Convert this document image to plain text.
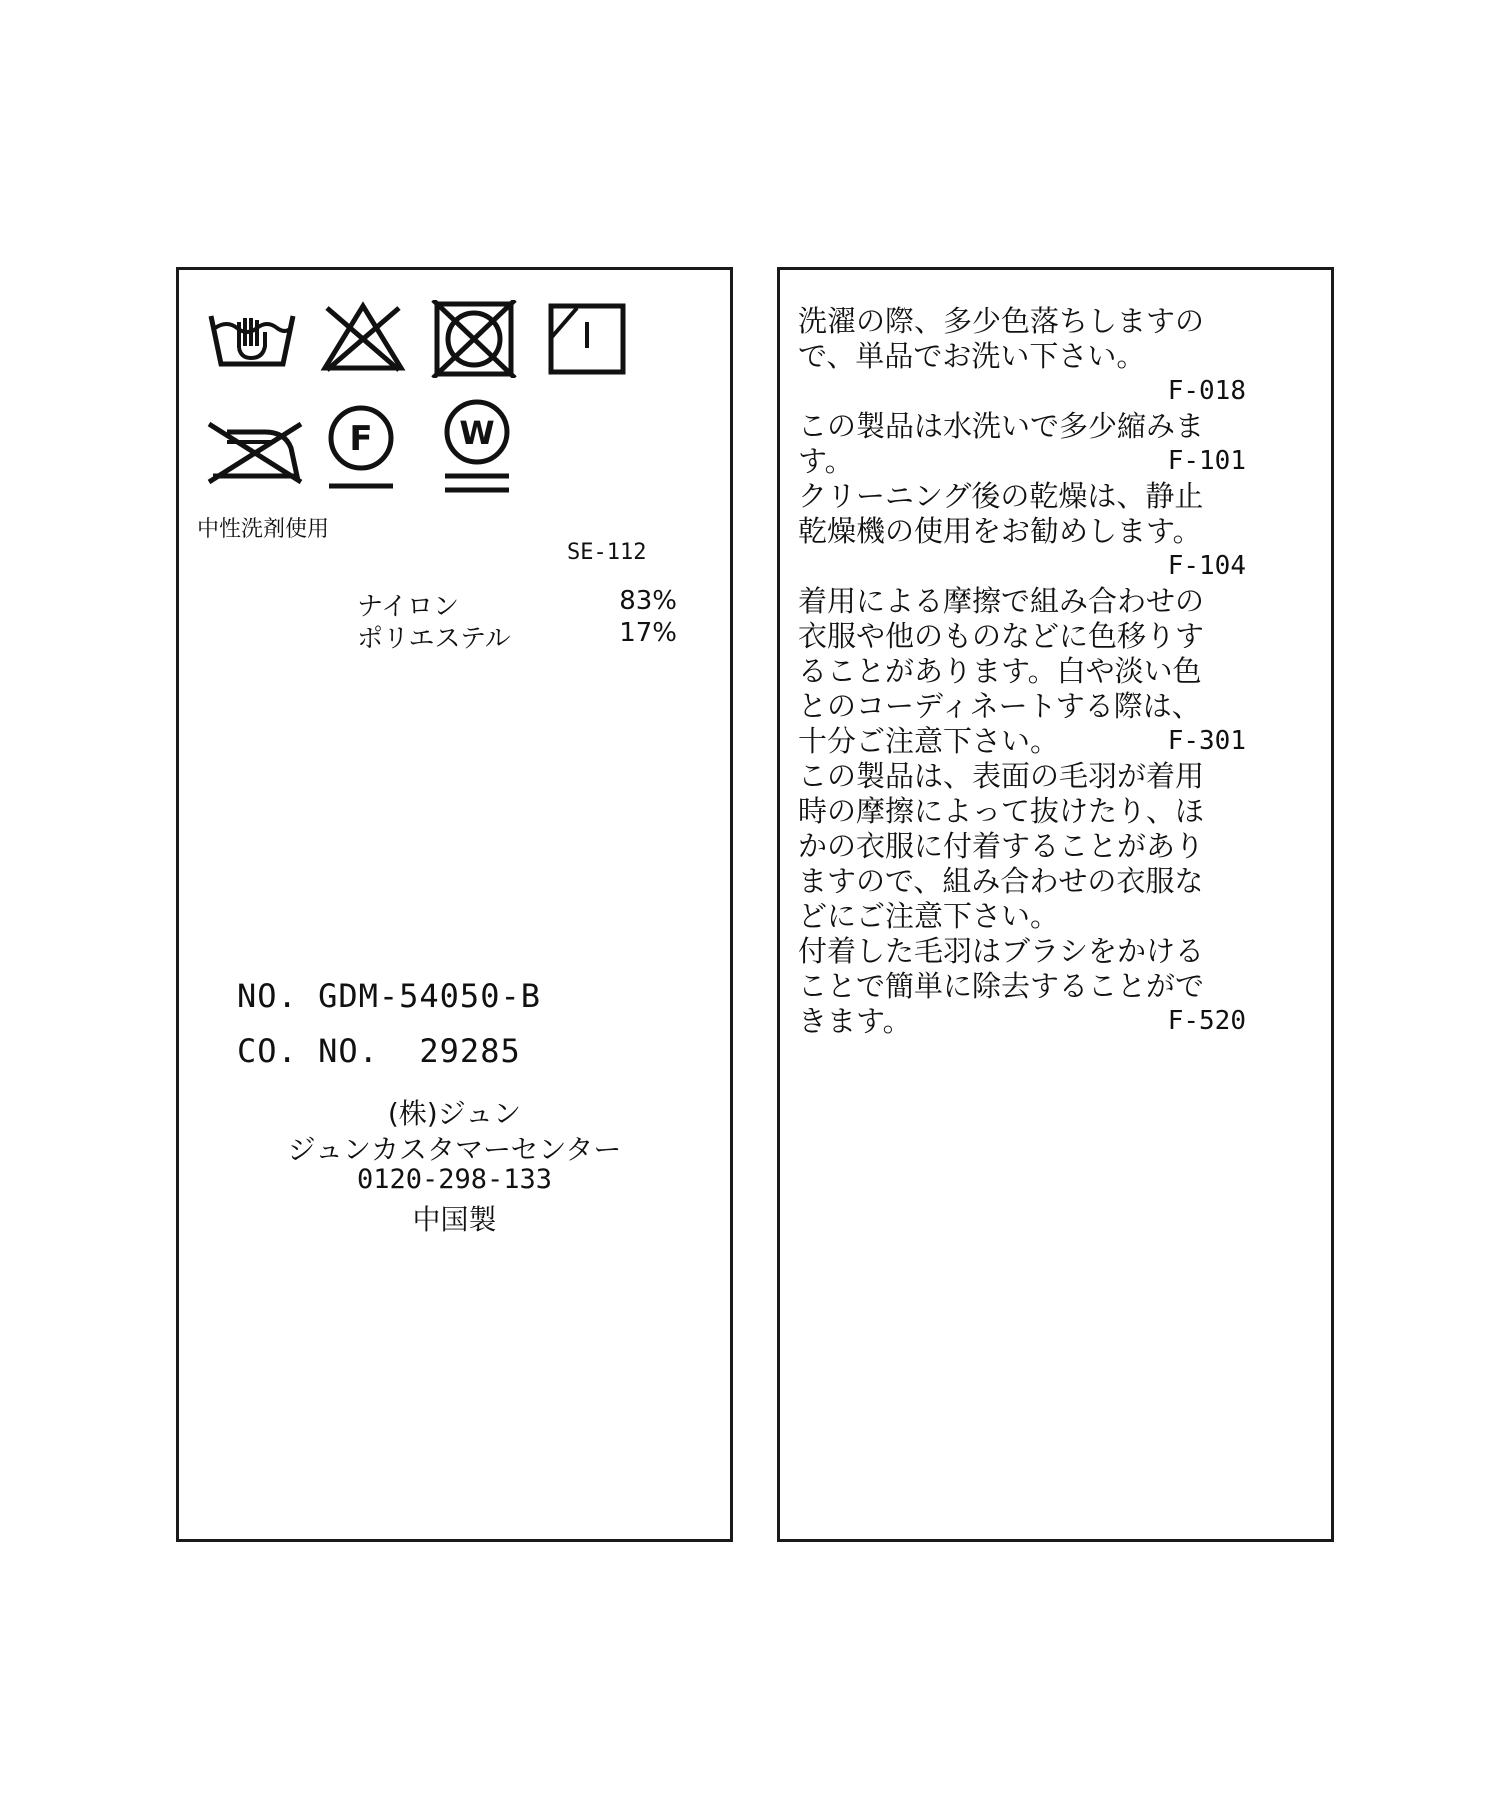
F	W
中性洗剤使用
SE-112
ナイロン	83%
ポリエステル	17%
NO. GDM-54050-B
CO. NO.  29285
(株)ジュン
ジュンカスタマーセンター
0120-298-133
中国製
洗濯の際、多少色落ちしますの
で、単品でお洗い下さい。
F-018
この製品は水洗いで多少縮みま
す。	F-101
クリーニング後の乾燥は、静止
乾燥機の使用をお勧めします。
F-104
着用による摩擦で組み合わせの
衣服や他のものなどに色移りす
ることがあります。白や淡い色
とのコーディネートする際は、
十分ご注意下さい。	F-301
この製品は、表面の毛羽が着用
時の摩擦によって抜けたり、ほ
かの衣服に付着することがあり
ますので、組み合わせの衣服な
どにご注意下さい。
付着した毛羽はブラシをかける
ことで簡単に除去することがで
きます。	F-520
